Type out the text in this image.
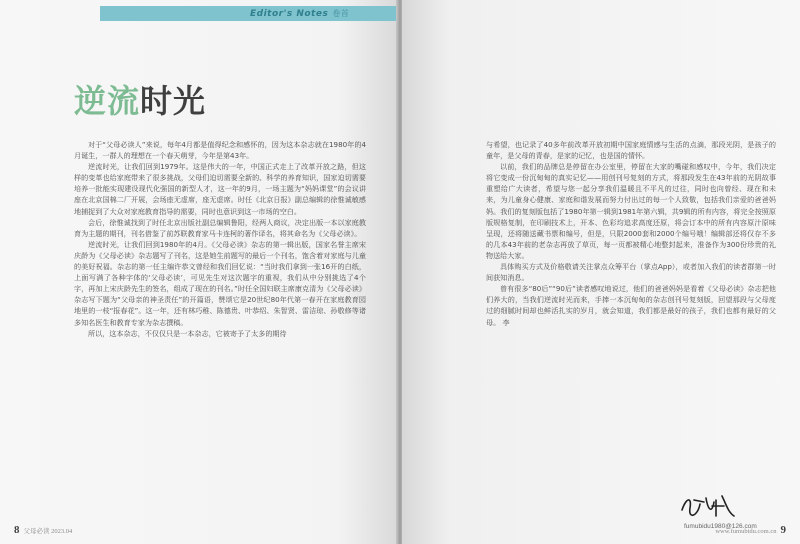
Editor's Notes 卷首
逆流时光

对于“父母必读人”来说，每年4月都是值得纪念和感怀的，因为这本杂志就在1980年的4月诞生，一群人的理想在一个春天萌芽，今年是第43年。

逆流时光，让我们回到1979年。这是伟大的一年，中国正式走上了改革开放之路，但这样的变革也给家庭带来了很多挑战，父母们迫切需要全新的、科学的养育知识，国家迫切需要培养一批能实现建设现代化强国的新型人才，这一年的9月，一场主题为“妈妈课堂”的会议讲座在北京国棉二厂开展，会场座无虚席，座无虚席。时任《北京日报》副总编辑的徐惟诚敏感地捕捉到了大众对家庭教育指导的需要，同时也意识到这一市场的空白。

会后，徐惟诚找到了时任北京出版社副总编辑鲁阳，经两人商议，决定出版一本以家庭教育为主题的期刊，刊名借鉴了前苏联教育家马卡连柯的著作译名，将其命名为《父母必读》。

逆流时光，让我们回到1980年的4月。《父母必读》杂志的第一辑出版，国家名誉主席宋庆龄为《父母必读》杂志题写了刊名，这是她生前题写的最后一个刊名，饱含着对家庭与儿童的美好祝福。杂志的第一任主编许恭文曾经和我们回忆说：“当时我们拿到一张16开的白纸，上面写满了各种字体的‘父母必读’，可见先生对这次题字的重视，我们从中分别挑选了4个字，再加上宋庆龄先生的签名，组成了现在的刊名。”时任全国妇联主席康克清为《父母必读》杂志写下题为“父母亲的神圣责任”的开篇语，赞颂它是20世纪80年代第一春开在家庭教育园地里的一枝“报春花”。这一年，还有林巧稚、陈德贵、叶恭绍、朱智贤、雷洁琼、孙敬修等诸多知名医生和教育专家为杂志撰稿。

所以，这本杂志，不仅仅只是一本杂志，它被寄予了太多的期待

8 父母必读 2023.04

与希望，也记录了40多年前改革开放初期中国家庭情感与生活的点滴，那段光阴，是孩子的童年，是父母的青春，是家的记忆，也是国的情怀。

以前，我们的品牌总是停留在办公室里，停留在大家的嘴碰和感叹中，今年，我们决定将它变成一份沉甸甸的真实记忆——用创刊号复刻的方式，将那段发生在43年前的光阴故事重塑给广大读者，希望与您一起分享我们温暖且不平凡的过往，同时也向曾经、现在和未来，为儿童身心健康、家庭和谐发展而努力付出过的每一个人致敬，包括我们亲爱的爸爸妈妈。我们的复刻版包括了1980年第一辑到1981年第六辑，共9辑的所有内容，将完全按照原版规格复制，在印刷技术上，开本、色彩均追求高度还原，将会订本中的所有内容原汁原味呈现，还将随送藏书票和编号，但是，只限2000套和2000个编号哦！编辑部还将仅存不多的几本43年前的老杂志再放了草页，每一页都被精心地整封起来，准备作为300份珍贵的礼物送给大家。

具体购买方式及价格敬请关注掌点众筹平台（掌点App），或者加入我们的读者群第一时间获知消息。

曾有很多“80后”“90后”读者感叹地说过，他们的爸爸妈妈是看着《父母必读》杂志把他们养大的，当我们逆流时光而来，手捧一本沉甸甸的杂志创刊号复刻版，回望那段与父母度过的细腻时间却也鲜活扎实的岁月，就会知道，我们都是最好的孩子，我们也都有最好的父母。 李

fumubidu1980@126.com
www.fumubidu.com.cn 9
